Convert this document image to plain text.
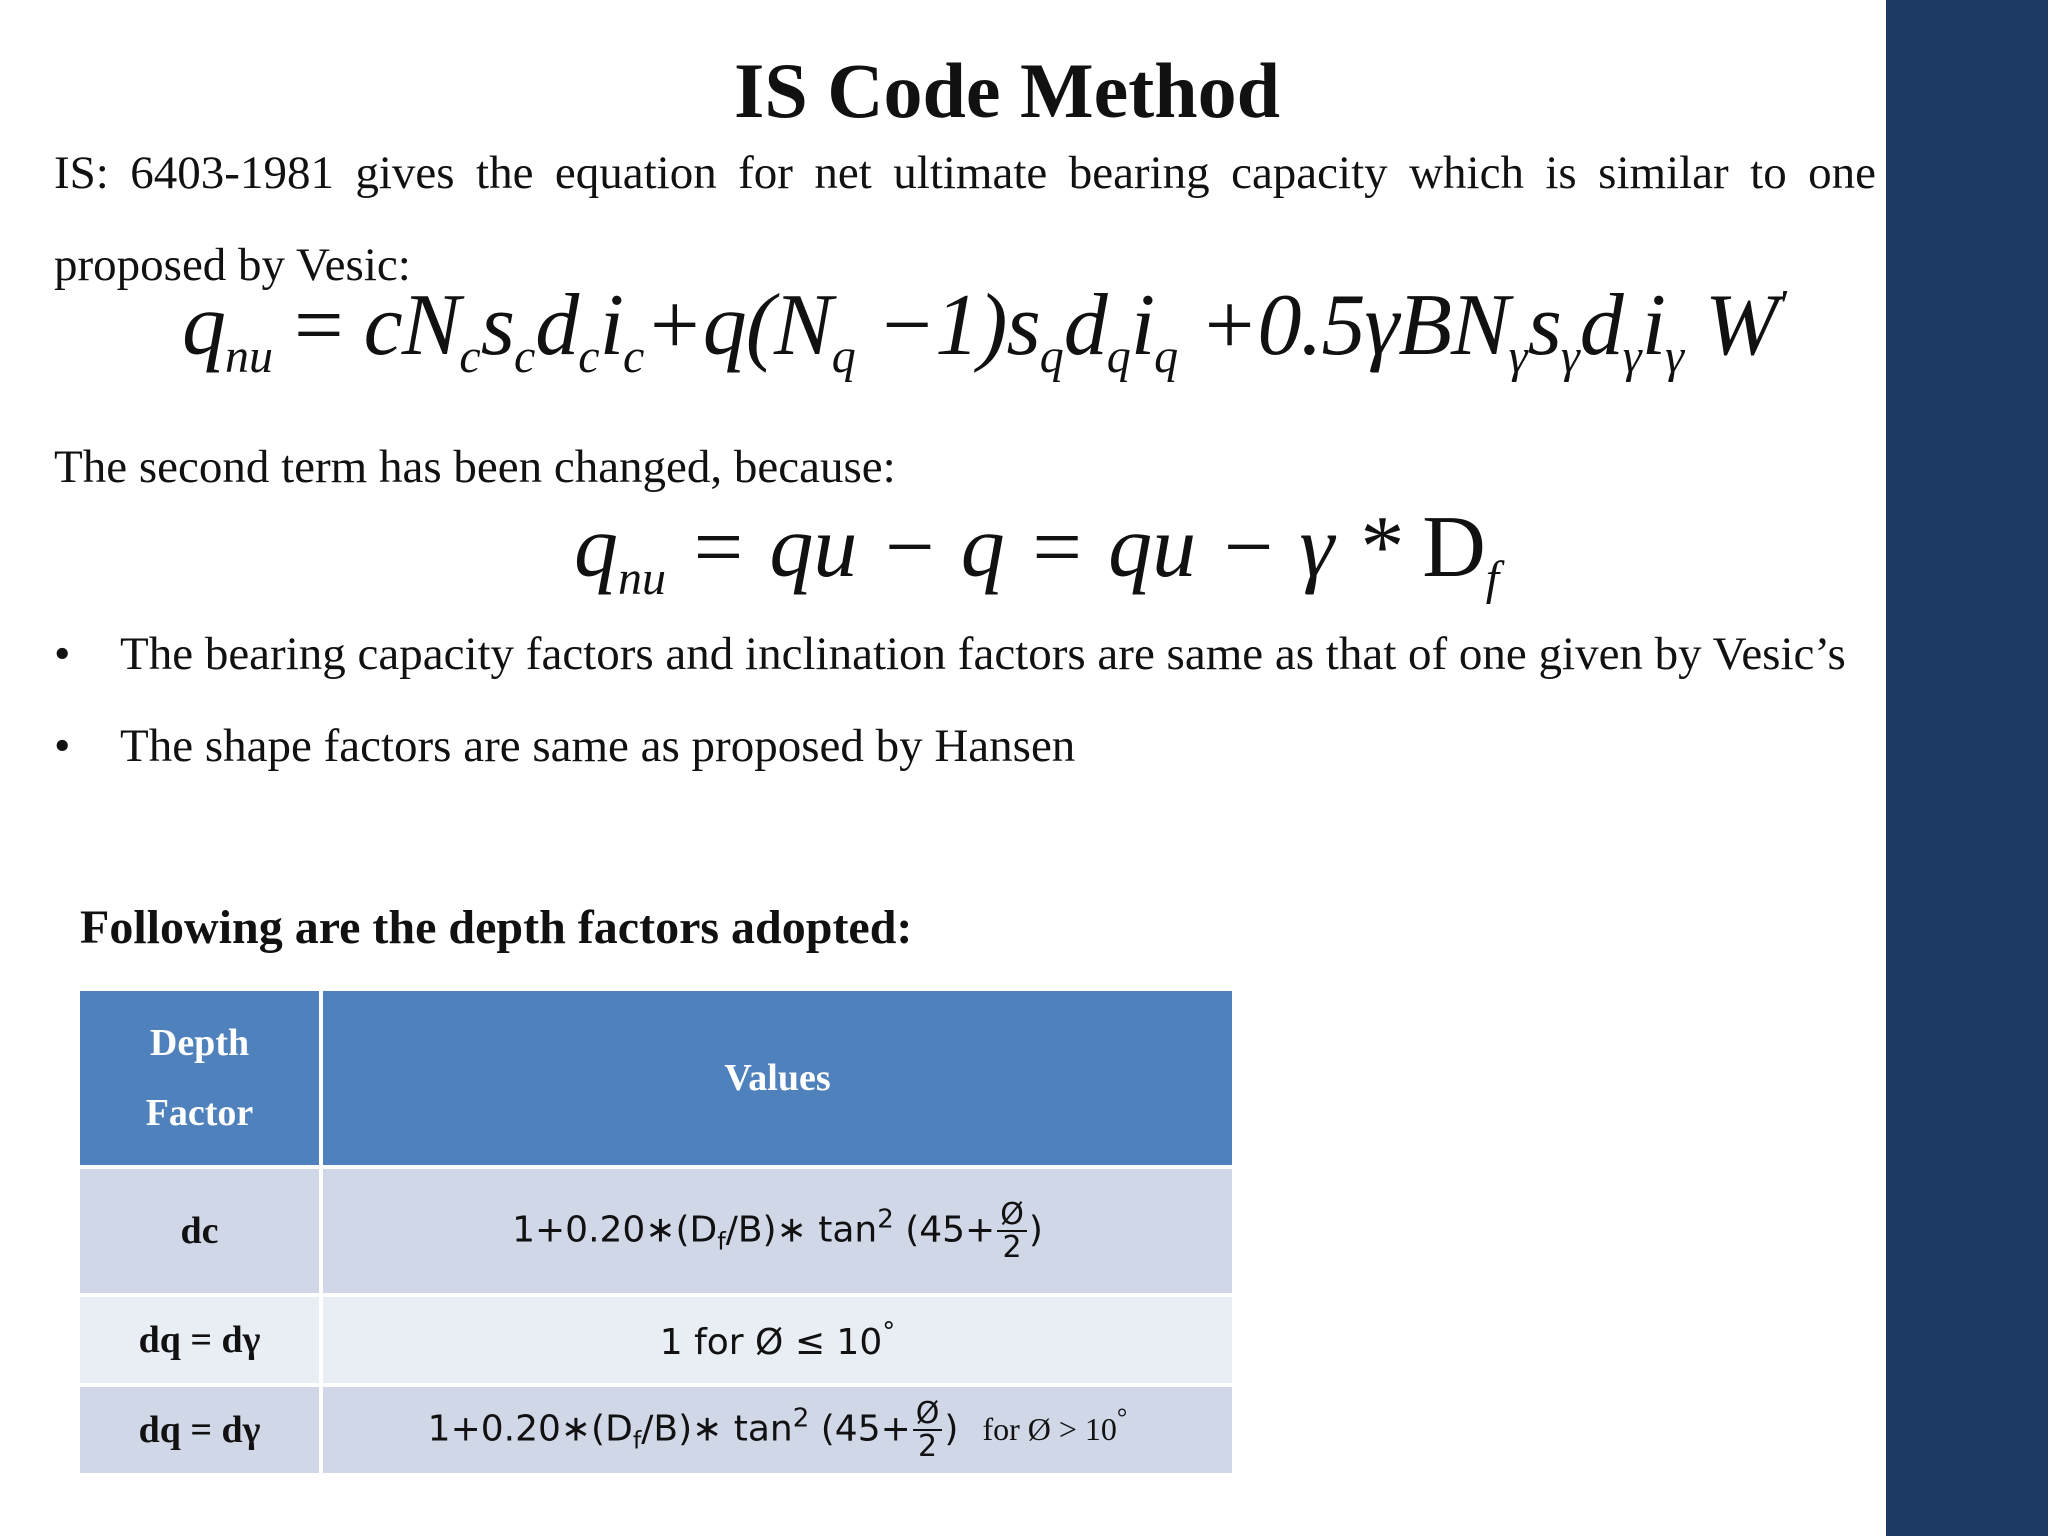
IS Code Method
IS: 6403-1981 gives the equation for net ultimate bearing capacity which is similar to one proposed by Vesic:
$q_{nu} = cN_cs_cd_ci_c+q(N_q -1)s_qd_qi_q +0.5\gamma BN_\gamma s_\gamma d_\gamma i_\gamma$ W'
The second term has been changed, because:
$q_{nu}$ = qu − q = qu − γ * $D_f$
• The bearing capacity factors and inclination factors are same as that of one given by Vesic’s
• The shape factors are same as proposed by Hansen
Following are the depth factors adopted:
Depth
Factor	Values
dc	$1+0.20∗(D_f/B)∗$ $\tan^2 (45+ \frac{Ø}{2}$ )
dq = dγ	1 for Ø ≤ 10°
dq = dγ	$1+0.20∗(D_f/B)∗$ $\tan^2 (45+ \frac{Ø}{2}$ ) for Ø > 10°
